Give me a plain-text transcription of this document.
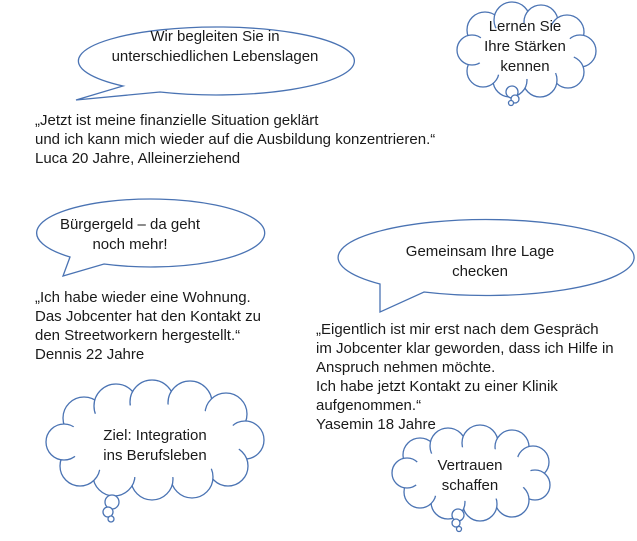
Wir begleiten Sie in
unterschiedlichen Lebenslagen
Lernen Sie
Ihre Stärken
kennen
Bürgergeld – da geht
noch mehr!	Gemeinsam Ihre Lage
checken
Ziel: Integration
ins Berufsleben
Vertrauen
schaffen
„Jetzt ist meine finanzielle Situation geklärt
und ich kann mich wieder auf die Ausbildung konzentrieren.“
Luca 20 Jahre, Alleinerziehend
„Ich habe wieder eine Wohnung.
Das Jobcenter hat den Kontakt zu
den Streetworkern hergestellt.“
Dennis 22 Jahre
„Eigentlich ist mir erst nach dem Gespräch
im Jobcenter klar geworden, dass ich Hilfe in
Anspruch nehmen möchte.
Ich habe jetzt Kontakt zu einer Klinik
aufgenommen.“
Yasemin 18 Jahre
